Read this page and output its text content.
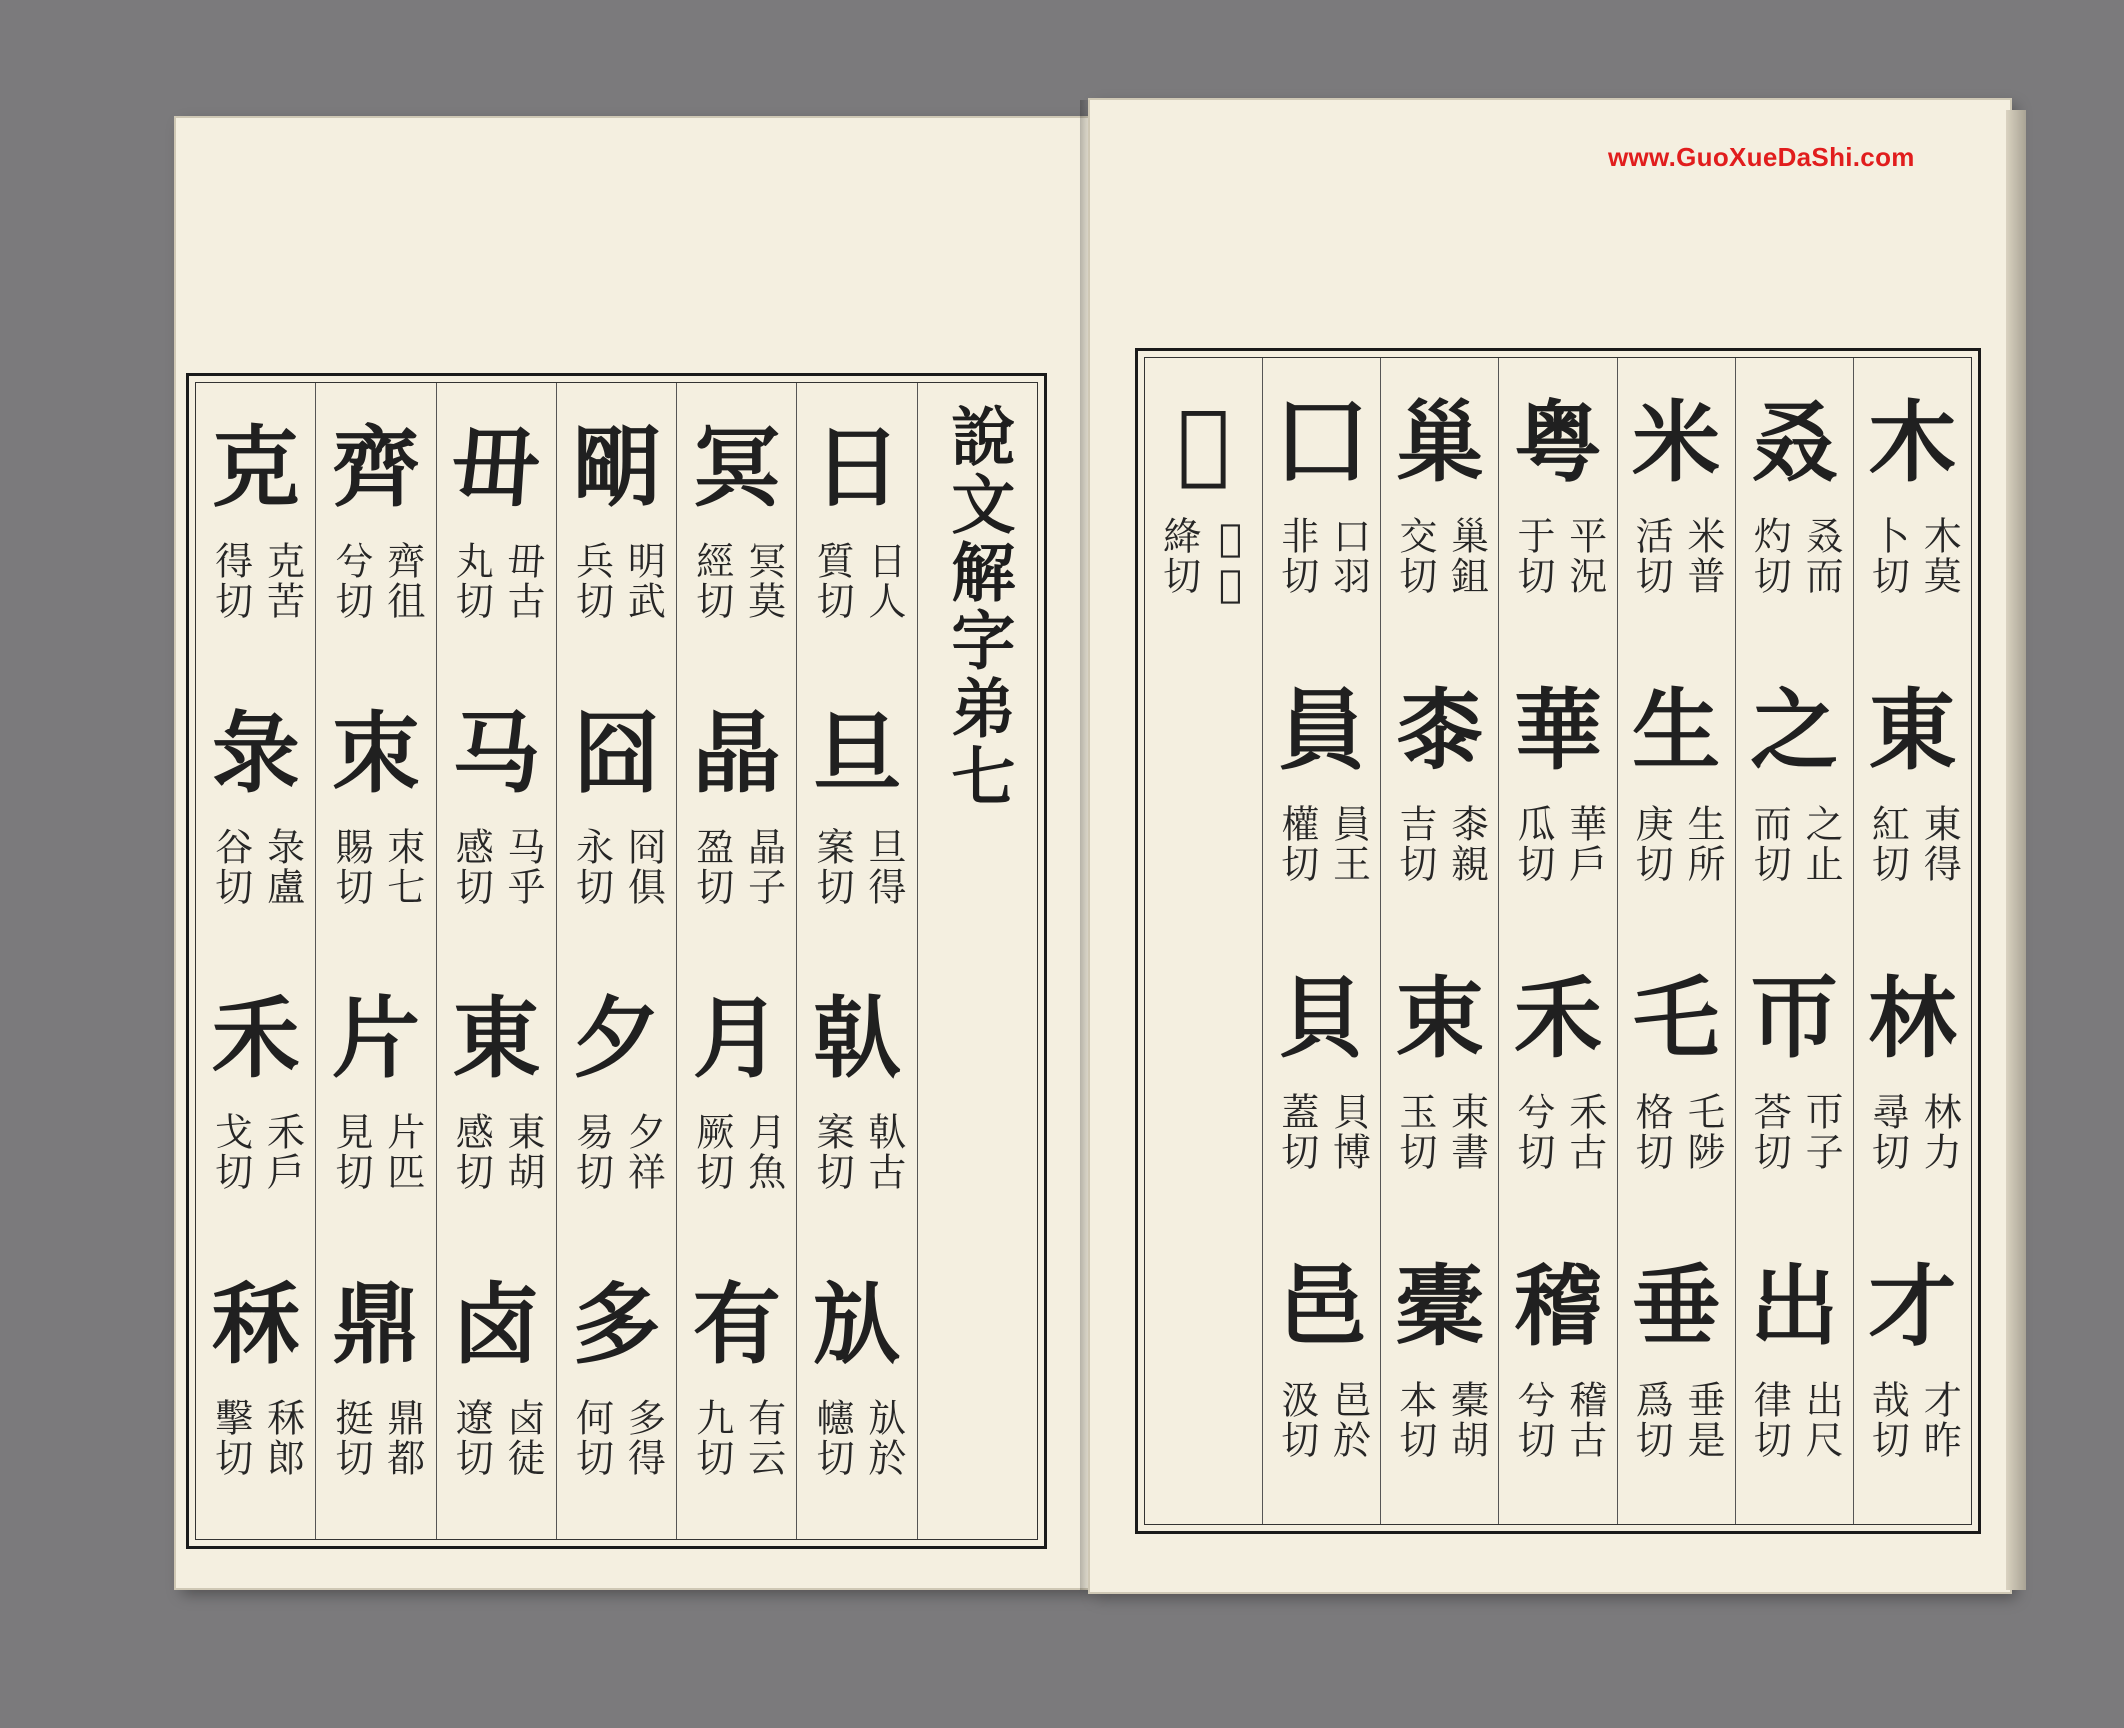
說文解字弟七
日
日人
質切
旦
旦得
案切
倝
倝古
案切
㫃
㫃於
幰切
冥
冥莫
經切
晶
晶子
盈切
月
月魚
厥切
有
有云
九切
朙
明武
兵切
囧
冏俱
永切
夕
夕祥
易切
多
多得
何切
毌
毌古
丸切
马
马乎
感切
東
東胡
感切
卤
卤徒
遼切
齊
齊徂
兮切
朿
朿七
賜切
片
片匹
見切
鼎
鼎都
挺切
克
克苦
得切
彔
彔盧
谷切
禾
禾戶
戈切
秝
秝郎
擊切
木
木莫
卜切
東
東得
紅切
林
林力
尋切
才
才昨
哉切
叒
叒而
灼切
之
之止
而切
帀
帀子
荅切
出
出尺
律切
米
米普
活切
生
生所
庚切
乇
乇陟
格切
垂
垂是
爲切
粤
平況
于切
華
華戶
瓜切
禾
禾古
兮切
稽
稽古
兮切
巢
巢鉏
交切
桼
桼親
吉切
束
束書
玉切
橐
橐胡
本切
囗
口羽
非切
員
員王
權切
貝
貝博
蓋切
邑
邑於
汲切
𨛜
𨛜胡
絳切
www.GuoXueDaShi.com
